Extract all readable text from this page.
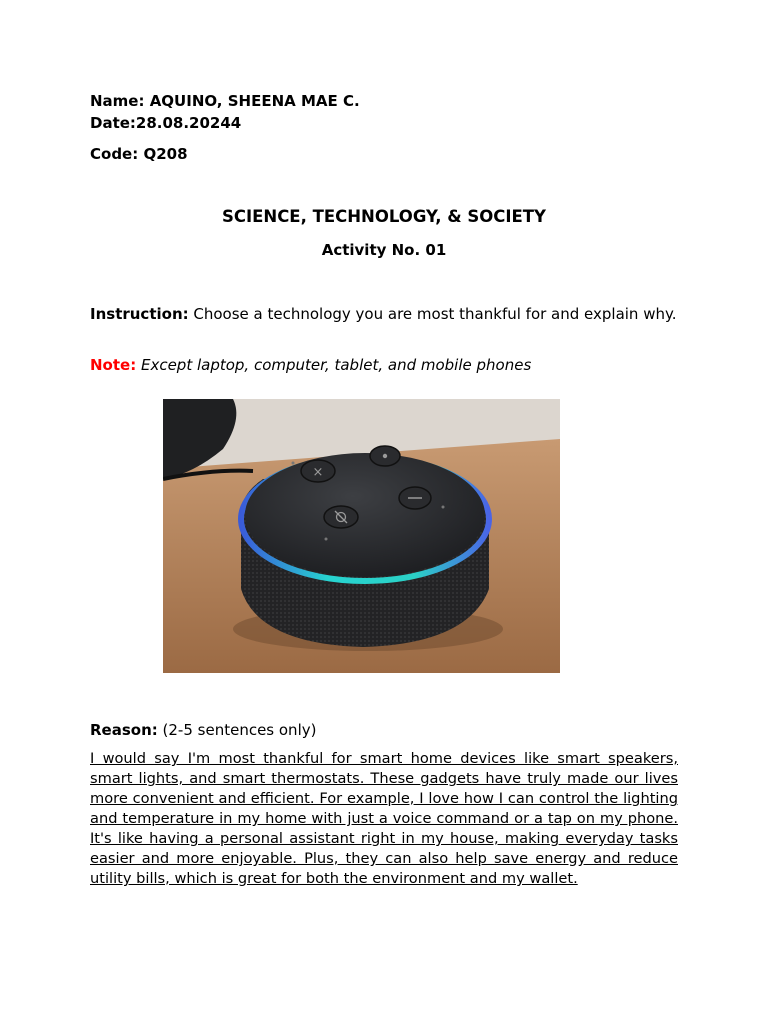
Name: AQUINO, SHEENA MAE C.
Date:28.08.20244
Code: Q208
SCIENCE, TECHNOLOGY, & SOCIETY
Activity No. 01
Instruction: Choose a technology you are most thankful for and explain why.
Note: Except laptop, computer, tablet, and mobile phones
×
Reason: (2-5 sentences only)
I would say I'm most thankful for smart home devices like smart speakers, smart lights, and smart thermostats. These gadgets have truly made our lives more convenient and efficient. For example, I love how I can control the lighting and temperature in my home with just a voice command or a tap on my phone. It's like having a personal assistant right in my house, making everyday tasks easier and more enjoyable. Plus, they can also help save energy and reduce utility bills, which is great for both the environment and my wallet.
